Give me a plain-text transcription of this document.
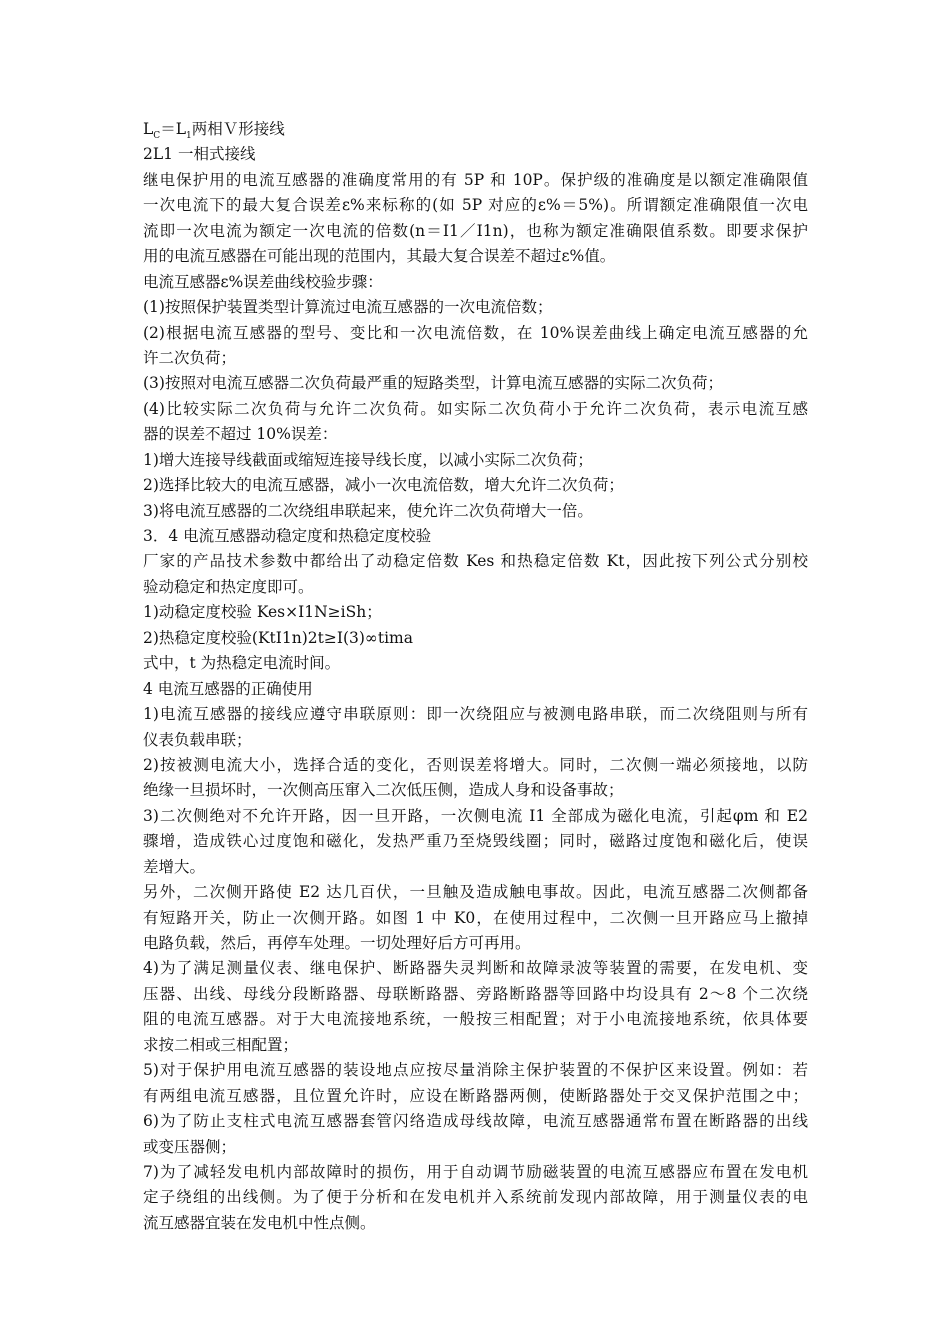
$L_C=L_1$两相Ｖ形接线
2L1 一相式接线
继电保护用的电流互感器的准确度常用的有 5P 和 10P。保护级的准确度是以额定准确限值
一次电流下的最大复合误差ε%来标称的(如 5P 对应的ε%＝5%)。所谓额定准确限值一次电
流即一次电流为额定一次电流的倍数(n＝I1／I1n)，也称为额定准确限值系数。即要求保护
用的电流互感器在可能出现的范围内，其最大复合误差不超过ε%值。
电流互感器ε%误差曲线校验步骤：
(1)按照保护装置类型计算流过电流互感器的一次电流倍数；
(2)根据电流互感器的型号、变比和一次电流倍数，在 10%误差曲线上确定电流互感器的允
许二次负荷；
(3)按照对电流互感器二次负荷最严重的短路类型，计算电流互感器的实际二次负荷；
(4)比较实际二次负荷与允许二次负荷。如实际二次负荷小于允许二次负荷，表示电流互感
器的误差不超过 10%误差：
1)增大连接导线截面或缩短连接导线长度，以减小实际二次负荷；
2)选择比较大的电流互感器，减小一次电流倍数，增大允许二次负荷；
3)将电流互感器的二次绕组串联起来，使允许二次负荷增大一倍。
3．4 电流互感器动稳定度和热稳定度校验
厂家的产品技术参数中都给出了动稳定倍数 Kes 和热稳定倍数 Kt，因此按下列公式分别校
验动稳定和热定度即可。
1)动稳定度校验 Kes×I1N≥iSh；
2)热稳定度校验(KtI1n)2t≥I(3)∞tima
式中，t 为热稳定电流时间。
4 电流互感器的正确使用
1)电流互感器的接线应遵守串联原则：即一次绕阻应与被测电路串联，而二次绕阻则与所有
仪表负载串联；
2)按被测电流大小，选择合适的变化，否则误差将增大。同时，二次侧一端必须接地，以防
绝缘一旦损坏时，一次侧高压窜入二次低压侧，造成人身和设备事故；
3)二次侧绝对不允许开路，因一旦开路，一次侧电流 I1 全部成为磁化电流，引起φm 和 E2
骤增，造成铁心过度饱和磁化，发热严重乃至烧毁线圈；同时，磁路过度饱和磁化后，使误
差增大。
另外，二次侧开路使 E2 达几百伏，一旦触及造成触电事故。因此，电流互感器二次侧都备
有短路开关，防止一次侧开路。如图 1 中 K0，在使用过程中，二次侧一旦开路应马上撤掉
电路负载，然后，再停车处理。一切处理好后方可再用。
4)为了满足测量仪表、继电保护、断路器失灵判断和故障录波等装置的需要，在发电机、变
压器、出线、母线分段断路器、母联断路器、旁路断路器等回路中均设具有 2～8 个二次绕
阻的电流互感器。对于大电流接地系统，一般按三相配置；对于小电流接地系统，依具体要
求按二相或三相配置；
5)对于保护用电流互感器的装设地点应按尽量消除主保护装置的不保护区来设置。例如：若
有两组电流互感器，且位置允许时，应设在断路器两侧，使断路器处于交叉保护范围之中；
6)为了防止支柱式电流互感器套管闪络造成母线故障，电流互感器通常布置在断路器的出线
或变压器侧；
7)为了减轻发电机内部故障时的损伤，用于自动调节励磁装置的电流互感器应布置在发电机
定子绕组的出线侧。为了便于分析和在发电机并入系统前发现内部故障，用于测量仪表的电
流互感器宜装在发电机中性点侧。
